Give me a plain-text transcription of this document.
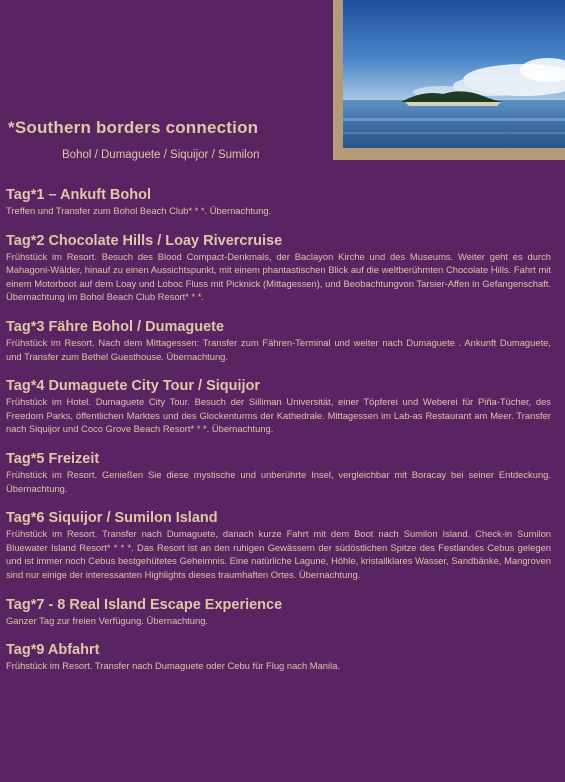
*Southern borders connection
Bohol / Dumaguete / Siquijor / Sumilon
Tag*1 – Ankuft Bohol
Treffen und Transfer zum Bohol Beach Club* * *. Übernachtung.
Tag*2 Chocolate Hills / Loay Rivercruise
Frühstück im Resort. Besuch des Blood Compact-Denkmals, der Baclayon Kirche und des Museums. Weiter geht es durch Mahagoni-Wälder, hinauf zu einen Aussichtspunkt, mit einem phantastischen Blick auf die weltberühmten Chocolate Hills. Fahrt mit einem Motorboot auf dem Loay und Loboc Fluss mit Picknick (Mittagessen), und Beobachtungvon Tarsier-Affen in Gefangenschaft. Übernachtung im Bohol Beach Club Resort* * *.
Tag*3 Fähre Bohol / Dumaguete
Frühstück im Resort. Nach dem Mittagessen: Transfer zum Fähren-Terminal und weiter nach Dumaguete . Ankunft Dumaguete, und Transfer zum Bethel Guesthouse. Übernachtung.
Tag*4 Dumaguete City Tour / Siquijor
Frühstück im Hotel. Dumaguete City Tour. Besuch der Silliman Universität, einer Töpferei und Weberei für Piña-Tücher, des Freedom Parks, öffentlichen Marktes und des Glockenturms der Kathedrale. Mittagessen im Lab-as Restaurant am Meer. Transfer nach Siquijor und Coco Grove Beach Resort* * *. Übernachtung.
Tag*5 Freizeit
Frühstück im Resort. Genießen Sie diese mystische und unberührte Insel, vergleichbar mit Boracay bei seiner Entdeckung. Übernachtung.
Tag*6 Siquijor / Sumilon Island
Frühstück im Resort. Transfer nach Dumaguete, danach kurze Fahrt mit dem Boot nach Sumilon Island. Check-in Sumilon Bluewater Island Resort* * * *. Das Resort ist an den ruhigen Gewässern der südöstlichen Spitze des Festlandes Cebus gelegen und ist immer noch Cebus bestgehütetes Geheimnis. Eine natürliche Lagune, Höhle, kristallklares Wasser, Sandbänke, Mangroven sind nur einige der interessanten Highlights dieses traumhaften Ortes. Übernachtung.
Tag*7 - 8 Real Island Escape Experience
Ganzer Tag zur freien Verfügung. Übernachtung.
Tag*9 Abfahrt
Frühstück im Resort. Transfer nach Dumaguete oder Cebu für Flug nach Manila.
